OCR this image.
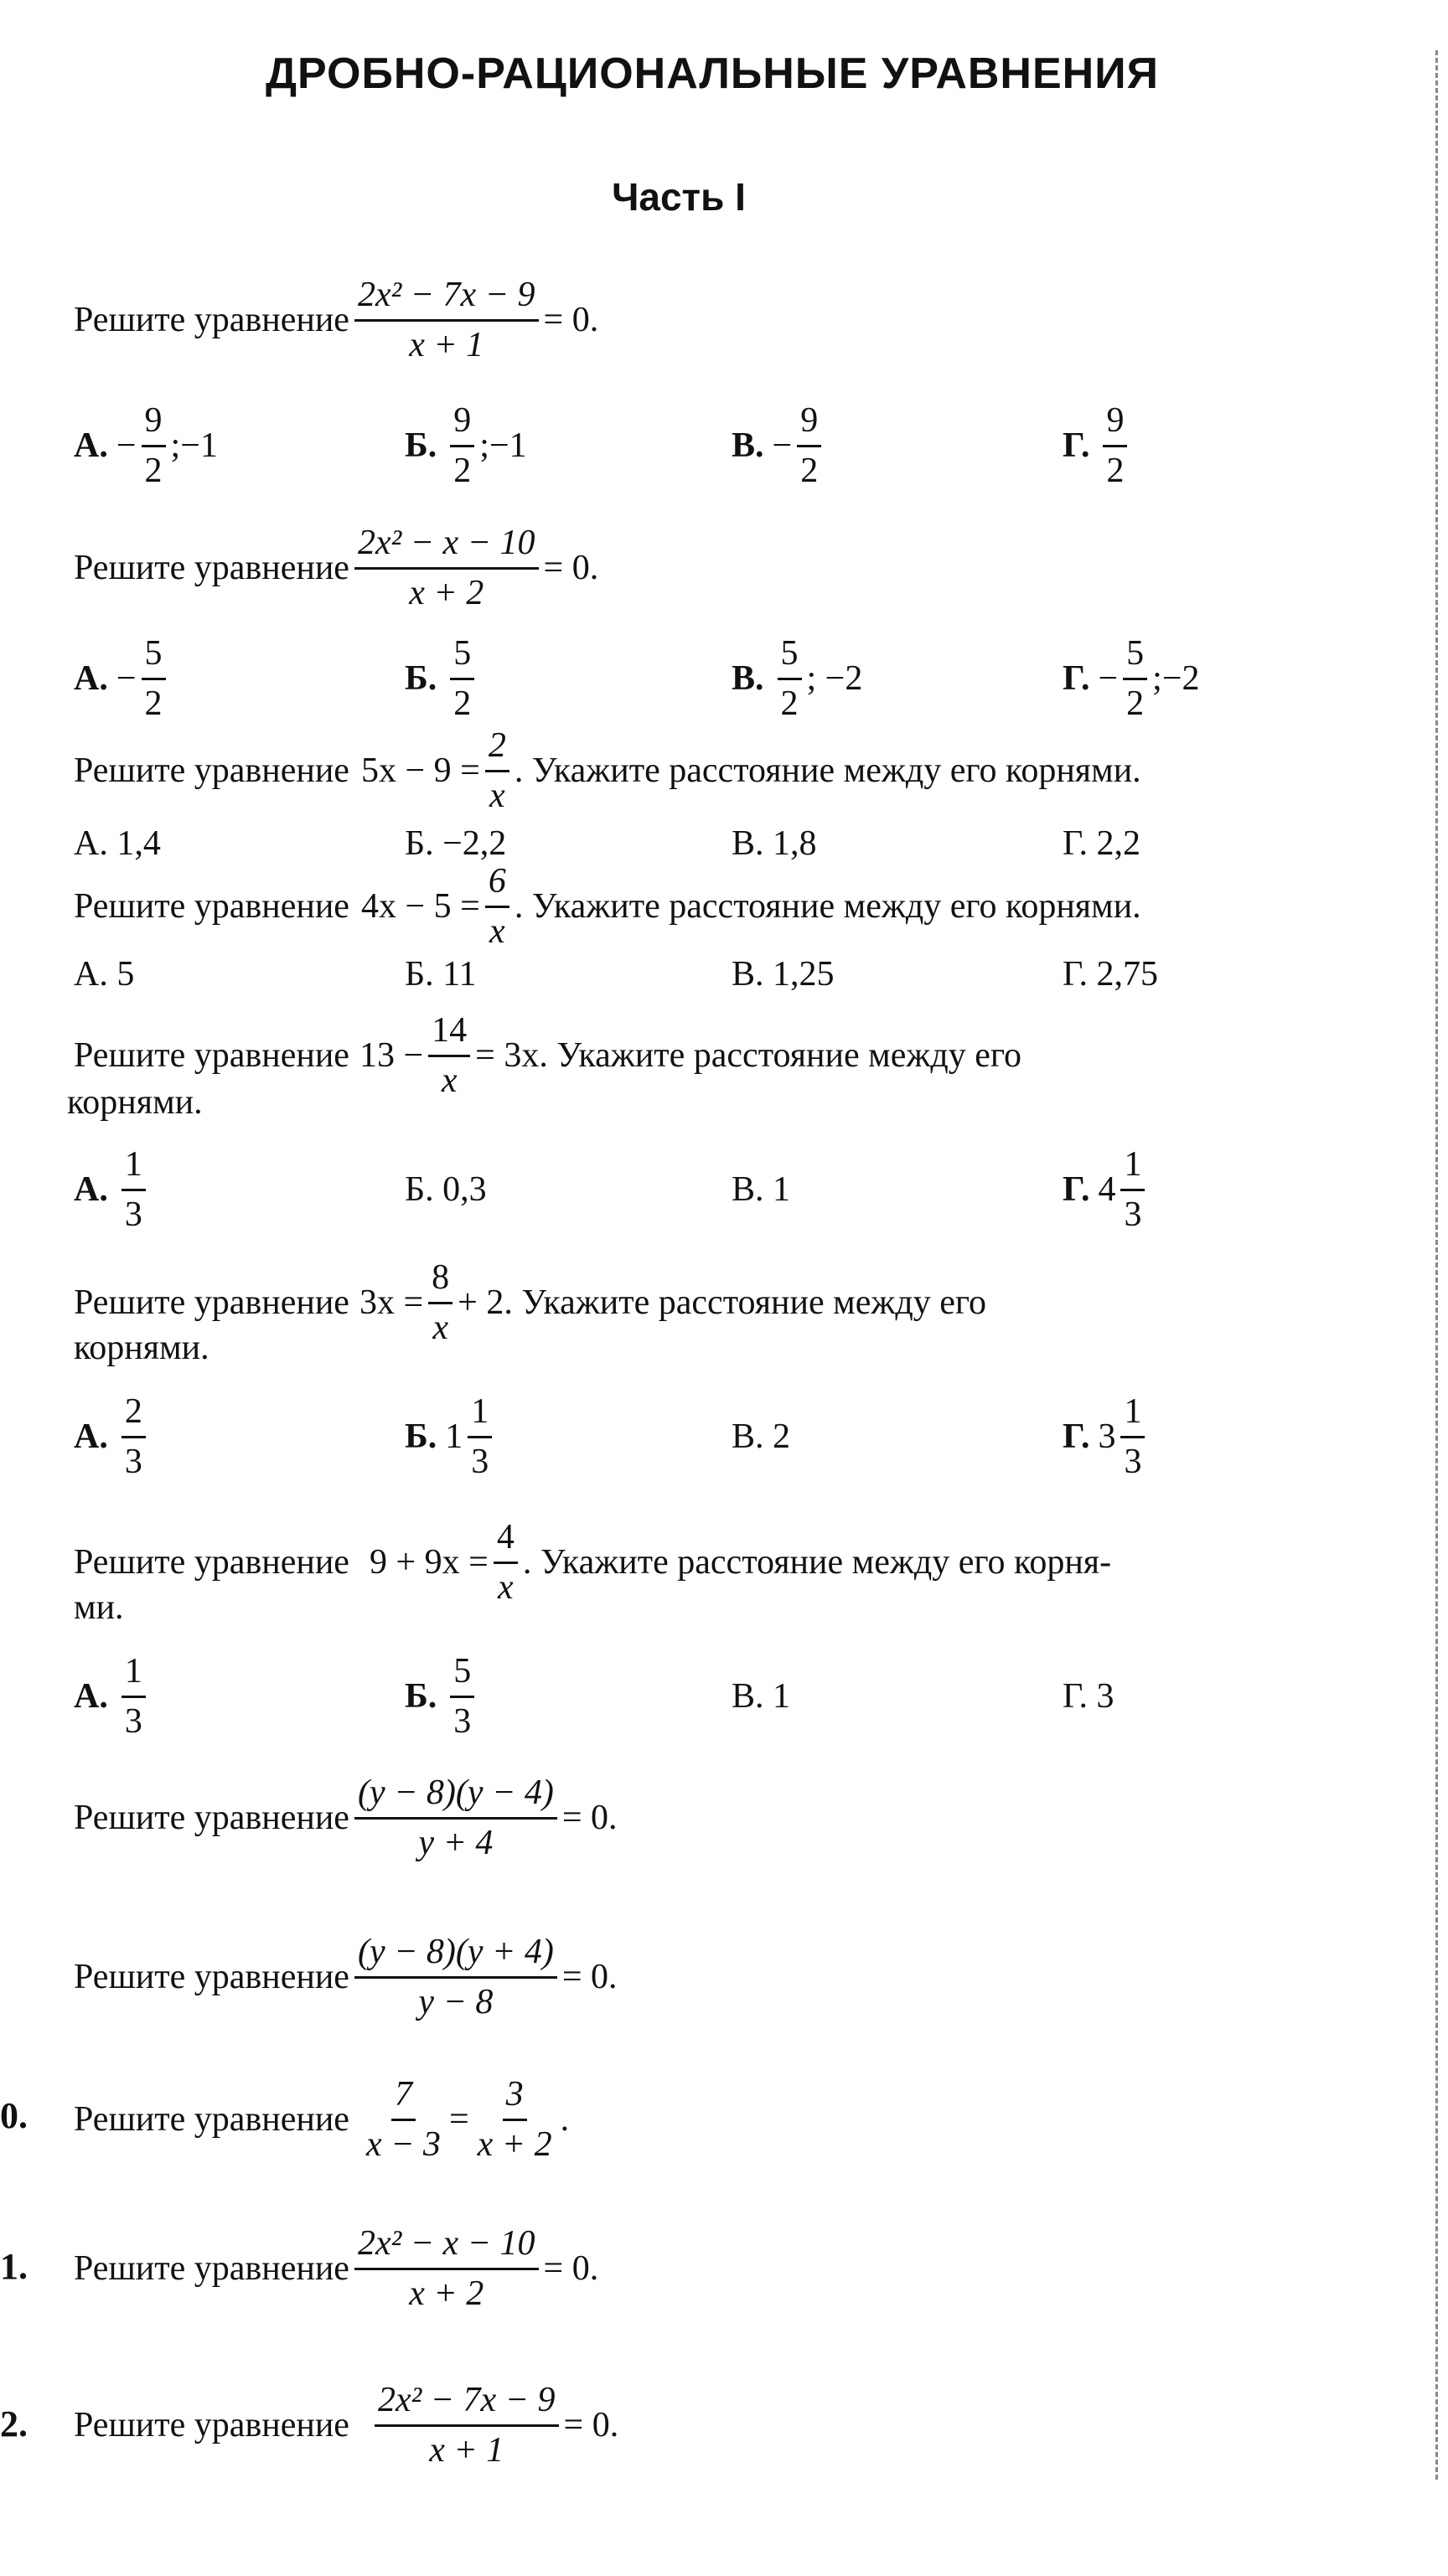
ДРОБНО-РАЦИОНАЛЬНЫЕ УРАВНЕНИЯ
Часть I
Решите уравнение $\frac{\text{2x² − 7x − 9}}{x + 1} = 0$.
А. − $\frac{9}{2}$ ;−1	Б. $\frac{9}{2}$ ;−1	В. − $\frac{9}{2}$	Г. $\frac{9}{2}$
Решите уравнение $\frac{\text{2x² − x − 10}}{x + 2} = 0$.
А. − $\frac{5}{2}$	Б. $\frac{5}{2}$	В. $\frac{5}{2}$ ; −2	Г. − $\frac{5}{2}$ ;−2
Решите уравнение $5x - 9 = \frac{2}{x}$ . Укажите расстояние между его корнями.
А. 1,4	Б. −2,2	В. 1,8	Г. 2,2
Решите уравнение $4x - 5 = \frac{6}{x}$ . Укажите расстояние между его корнями.
А. 5	Б. 11	В. 1,25	Г. 2,75
Решите уравнение $13 - \frac{14}{x} = 3x$. Укажите расстояние между его
корнями.
А. $\frac{1}{3}$	Б. 0,3	В. 1	Г. $4 \frac{1}{3}$
Решите уравнение $3x = \frac{8}{x} + 2$. Укажите расстояние между его
корнями.
А. $\frac{2}{3}$	Б. $1 \frac{1}{3}$	В. 2	Г. $3 \frac{1}{3}$
Решите уравнение $9 + 9x = \frac{4}{x}$ . Укажите расстояние между его корня-
ми.
А. $\frac{1}{3}$	Б. $\frac{5}{3}$	В. 1	Г. 3
Решите уравнение $\frac{(y - 8)(y - 4)}{y + 4} = 0$.
Решите уравнение $\frac{(y - 8)(y + 4)}{y - 8} = 0$.
0. Решите уравнение $\frac{7}{x - 3} = \frac{3}{x + 2}$ .
1. Решите уравнение $\frac{\text{2x² − x − 10}}{x + 2} = 0$.
2. Решите уравнение $\frac{\text{2x² − 7x − 9}}{x + 1} = 0$.
